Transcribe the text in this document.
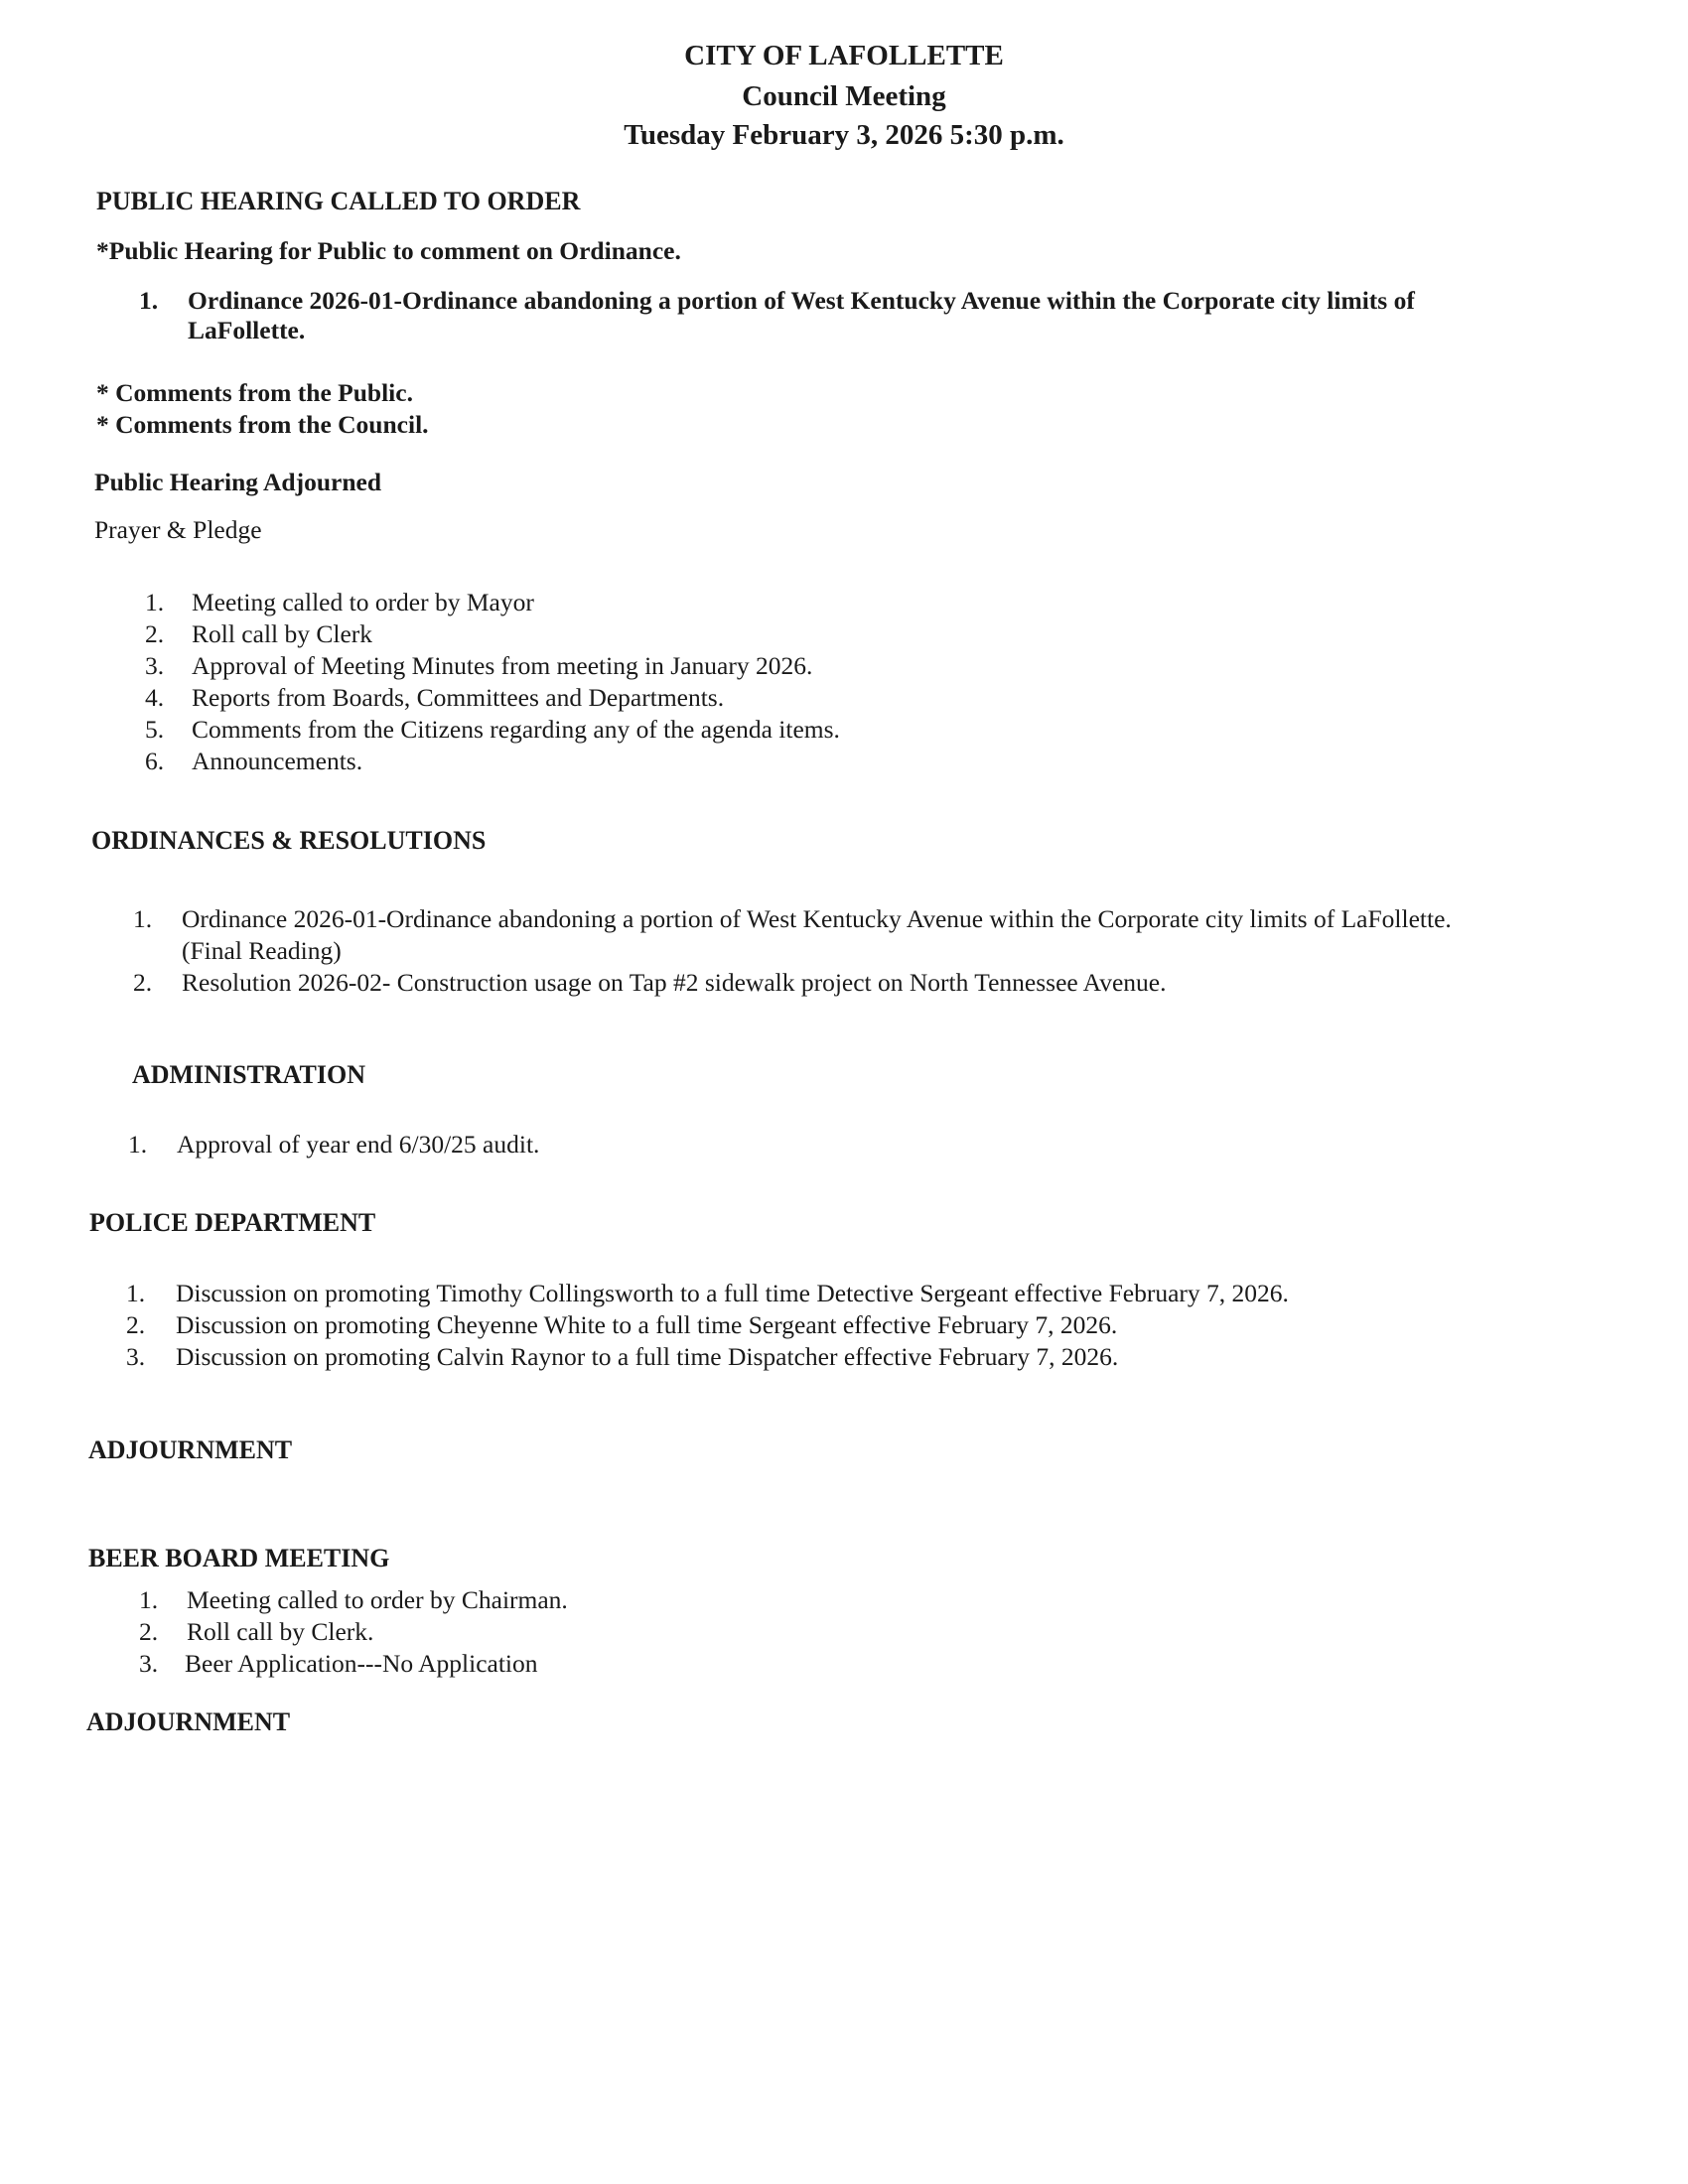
CITY OF LAFOLLETTE
Council Meeting
Tuesday February 3, 2026 5:30 p.m.
PUBLIC HEARING CALLED TO ORDER
*Public Hearing for Public to comment on Ordinance.
1. Ordinance 2026-01-Ordinance abandoning a portion of West Kentucky Avenue within the Corporate city limits of
LaFollette.
* Comments from the Public.
* Comments from the Council.
Public Hearing Adjourned
Prayer & Pledge
1. Meeting called to order by Mayor
2. Roll call by Clerk
3. Approval of Meeting Minutes from meeting in January 2026.
4. Reports from Boards, Committees and Departments.
5. Comments from the Citizens regarding any of the agenda items.
6. Announcements.
ORDINANCES & RESOLUTIONS
1. Ordinance 2026-01-Ordinance abandoning a portion of West Kentucky Avenue within the Corporate city limits of LaFollette.
(Final Reading)
2. Resolution 2026-02- Construction usage on Tap #2 sidewalk project on North Tennessee Avenue.
ADMINISTRATION
1. Approval of year end 6/30/25 audit.
POLICE DEPARTMENT
1. Discussion on promoting Timothy Collingsworth to a full time Detective Sergeant effective February 7, 2026.
2. Discussion on promoting Cheyenne White to a full time Sergeant effective February 7, 2026.
3. Discussion on promoting Calvin Raynor to a full time Dispatcher effective February 7, 2026.
ADJOURNMENT
BEER BOARD MEETING
1. Meeting called to order by Chairman.
2. Roll call by Clerk.
3. Beer Application---No Application
ADJOURNMENT
